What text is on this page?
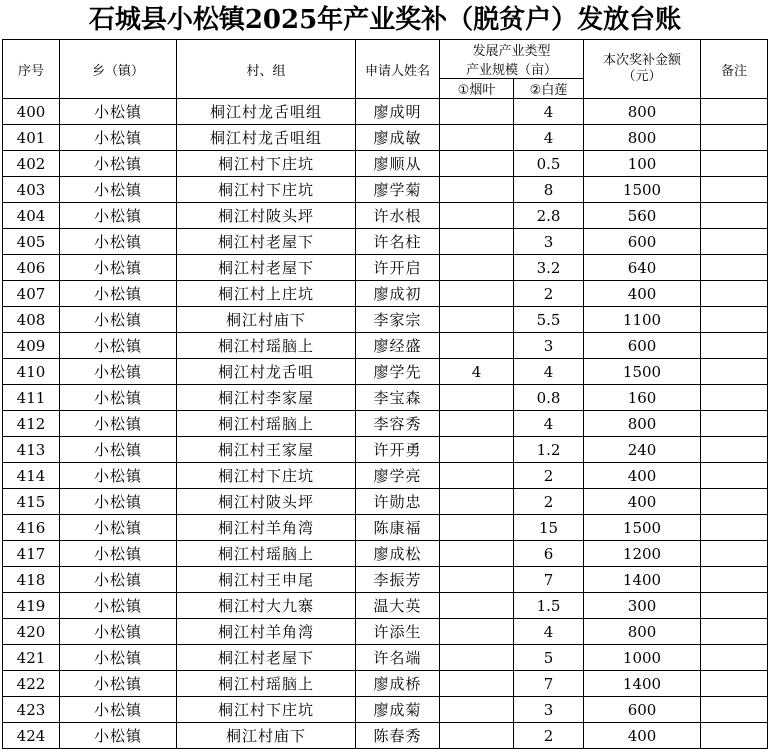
石城县小松镇2025年产业奖补（脱贫户）发放台账
序号	乡（镇）	村、组	申请人姓名	发展产业类型		本次奖补金额（元）	备注
				产业规模（亩）			
				①烟叶	②白莲		
400	小松镇	桐江村龙舌咀组	廖成明		4	800	
401	小松镇	桐江村龙舌咀组	廖成敏		4	800	
402	小松镇	桐江村下庄坑	廖顺从		0.5	100	
403	小松镇	桐江村下庄坑	廖学菊		8	1500	
404	小松镇	桐江村陂头坪	许水根		2.8	560	
405	小松镇	桐江村老屋下	许名柱		3	600	
406	小松镇	桐江村老屋下	许开启		3.2	640	
407	小松镇	桐江村上庄坑	廖成初		2	400	
408	小松镇	桐江村庙下	李家宗		5.5	1100	
409	小松镇	桐江村瑶脑上	廖经盛		3	600	
410	小松镇	桐江村龙舌咀	廖学先	4	4	1500	
411	小松镇	桐江村李家屋	李宝森		0.8	160	
412	小松镇	桐江村瑶脑上	李容秀		4	800	
413	小松镇	桐江村王家屋	许开勇		1.2	240	
414	小松镇	桐江村下庄坑	廖学亮		2	400	
415	小松镇	桐江村陂头坪	许勋忠		2	400	
416	小松镇	桐江村羊角湾	陈康福		15	1500	
417	小松镇	桐江村瑶脑上	廖成松		6	1200	
418	小松镇	桐江村王申尾	李振芳		7	1400	
419	小松镇	桐江村大九寨	温大英		1.5	300	
420	小松镇	桐江村羊角湾	许添生		4	800	
421	小松镇	桐江村老屋下	许名端		5	1000	
422	小松镇	桐江村瑶脑上	廖成桥		7	1400	
423	小松镇	桐江村下庄坑	廖成菊		3	600	
424	小松镇	桐江村庙下	陈春秀		2	400	
